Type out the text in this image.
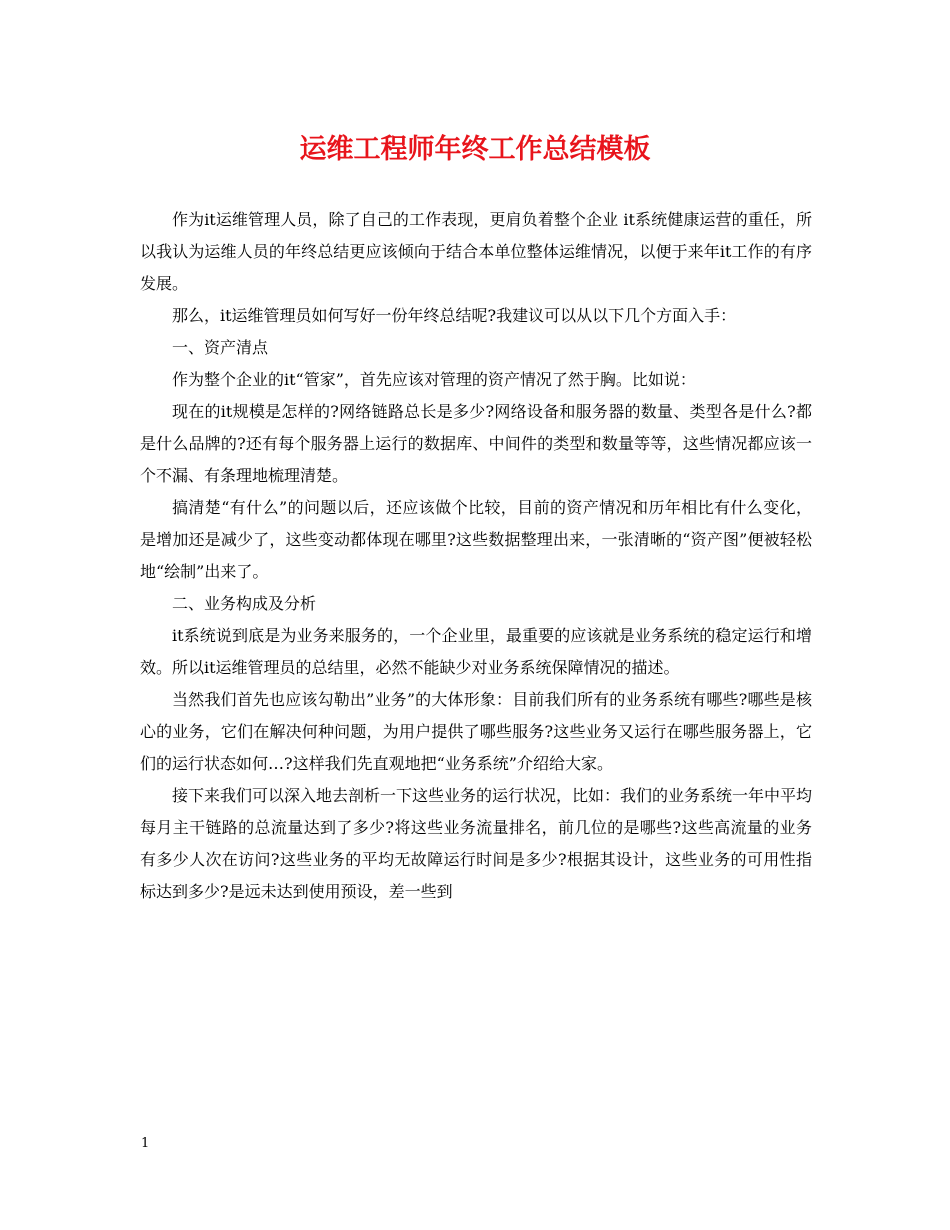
运维工程师年终工作总结模板

作为it运维管理人员，除了自己的工作表现，更肩负着整个企业 it系统健康运营的重任，所以我认为运维人员的年终总结更应该倾向于结合本单位整体运维情况，以便于来年it工作的有序发展。

那么，it运维管理员如何写好一份年终总结呢?我建议可以从以下几个方面入手：

一、资产清点

作为整个企业的it“管家”，首先应该对管理的资产情况了然于胸。比如说：

现在的it规模是怎样的?网络链路总长是多少?网络设备和服务器的数量、类型各是什么?都是什么品牌的?还有每个服务器上运行的数据库、中间件的类型和数量等等，这些情况都应该一个不漏、有条理地梳理清楚。

搞清楚“有什么”的问题以后，还应该做个比较，目前的资产情况和历年相比有什么变化，是增加还是减少了，这些变动都体现在哪里?这些数据整理出来，一张清晰的“资产图”便被轻松地“绘制”出来了。

二、业务构成及分析

it系统说到底是为业务来服务的，一个企业里，最重要的应该就是业务系统的稳定运行和增效。所以it运维管理员的总结里，必然不能缺少对业务系统保障情况的描述。

当然我们首先也应该勾勒出”业务”的大体形象：目前我们所有的业务系统有哪些?哪些是核心的业务，它们在解决何种问题，为用户提供了哪些服务?这些业务又运行在哪些服务器上，它们的运行状态如何…?这样我们先直观地把“业务系统”介绍给大家。

接下来我们可以深入地去剖析一下这些业务的运行状况，比如：我们的业务系统一年中平均每月主干链路的总流量达到了多少?将这些业务流量排名，前几位的是哪些?这些高流量的业务有多少人次在访问?这些业务的平均无故障运行时间是多少?根据其设计，这些业务的可用性指标达到多少?是远未达到使用预设，差一些到

1
